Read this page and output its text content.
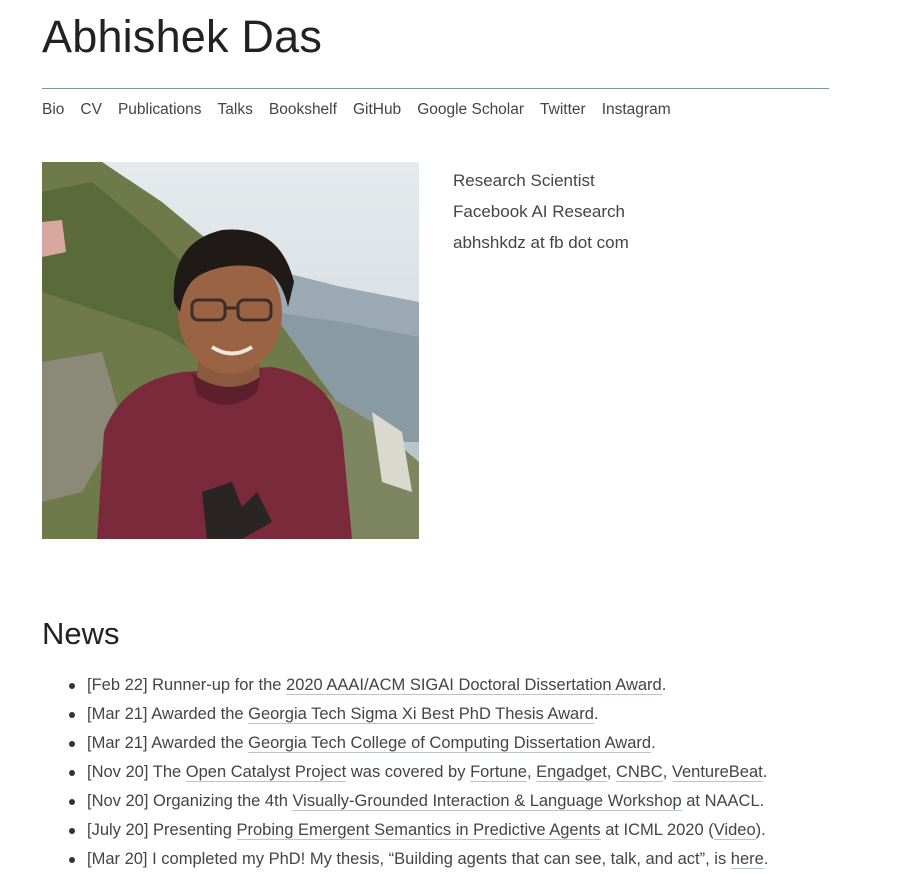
Abhishek Das
Bio CV Publications Talks Bookshelf GitHub Google Scholar Twitter Instagram
Research Scientist
Facebook AI Research
abhshkdz at fb dot com
News
[Feb 22] Runner-up for the 2020 AAAI/ACM SIGAI Doctoral Dissertation Award.
[Mar 21] Awarded the Georgia Tech Sigma Xi Best PhD Thesis Award.
[Mar 21] Awarded the Georgia Tech College of Computing Dissertation Award.
[Nov 20] The Open Catalyst Project was covered by Fortune, Engadget, CNBC, VentureBeat.
[Nov 20] Organizing the 4th Visually-Grounded Interaction & Language Workshop at NAACL.
[July 20] Presenting Probing Emergent Semantics in Predictive Agents at ICML 2020 (Video).
[Mar 20] I completed my PhD! My thesis, “Building agents that can see, talk, and act”, is here.
